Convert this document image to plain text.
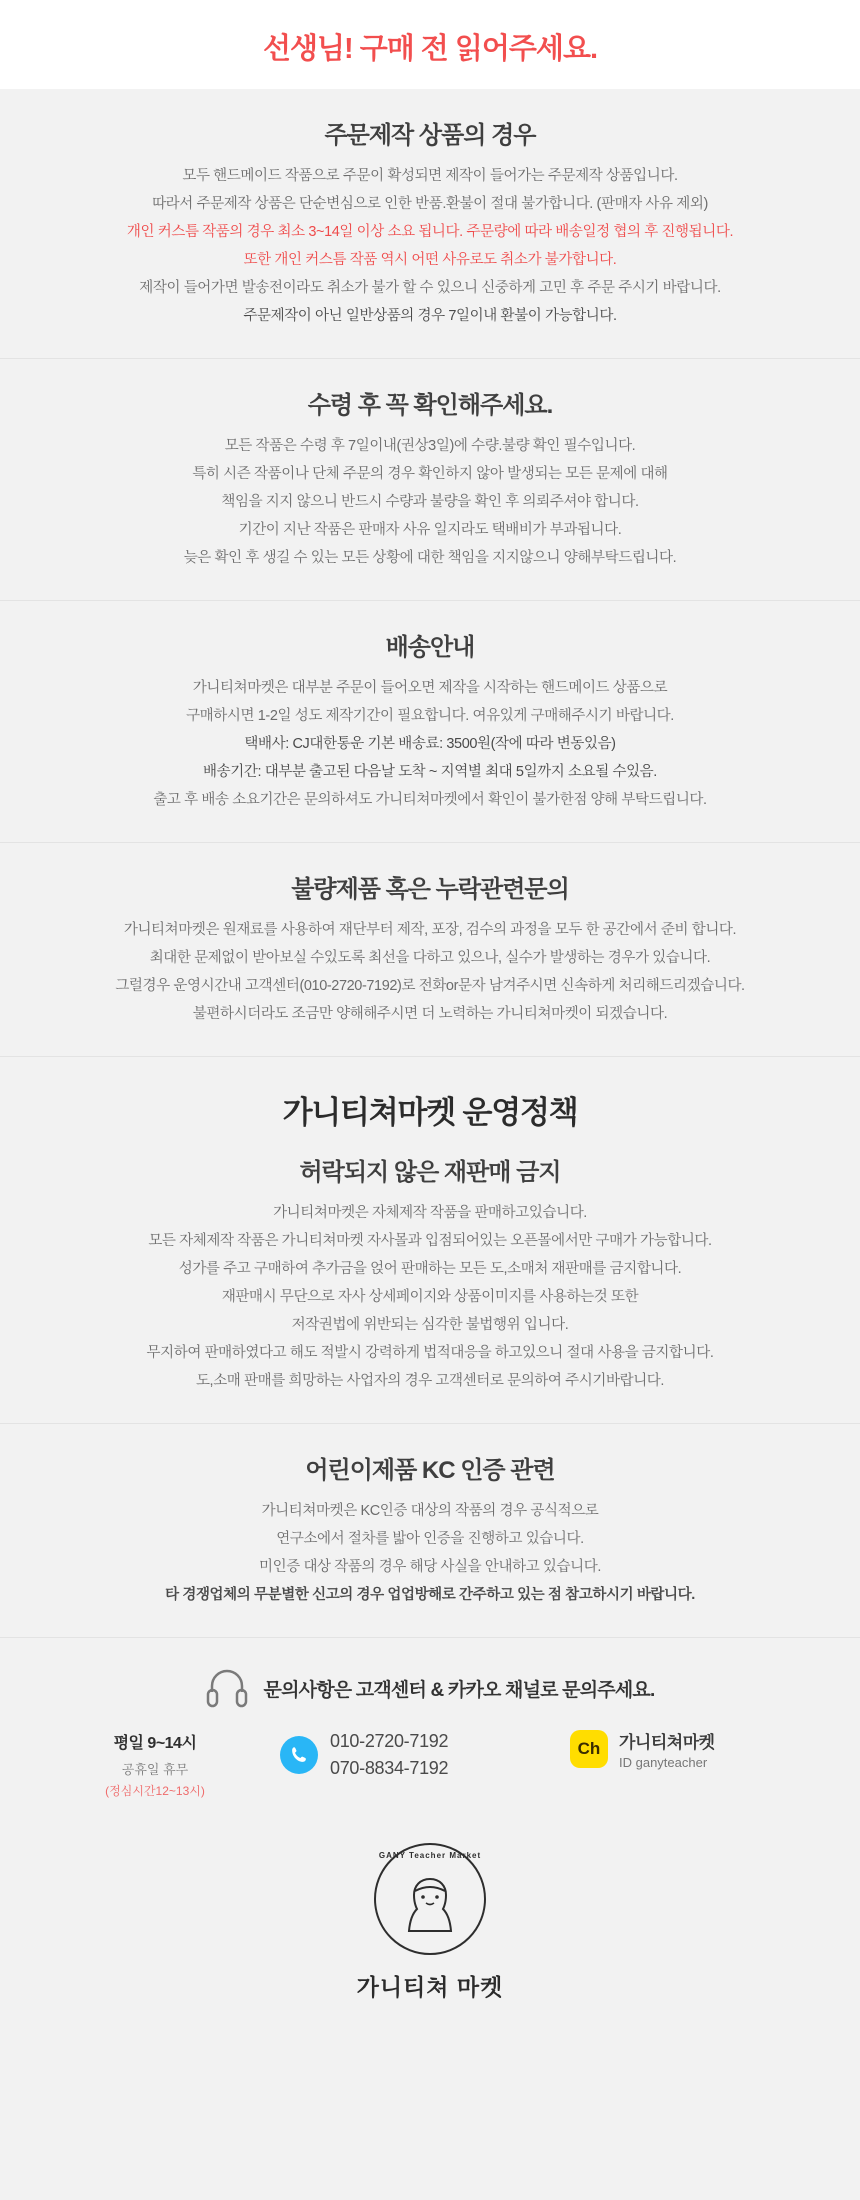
선생님! 구매 전 읽어주세요.
주문제작 상품의 경우

모두 핸드메이드 작품으로 주문이 확성되면 제작이 들어가는 주문제작 상품입니다.

따라서 주문제작 상품은 단순변심으로 인한 반품.환불이 절대 불가합니다. (판매자 사유 제외)

개인 커스틈 작품의 경우 최소 3~14일 이상 소요 됩니다. 주문량에 따라 배송일정 협의 후 진행됩니다.

또한 개인 커스틈 작품 역시 어떤 사유로도 취소가 불가합니다.

제작이 들어가면 발송전이라도 취소가 불가 할 수 있으니 신중하게 고민 후 주문 주시기 바랍니다.

주문제작이 아닌 일반상품의 경우 7일이내 환불이 가능합니다.

수령 후 꼭 확인해주세요.

모든 작품은 수령 후 7일이내(권상3일)에 수량.불량 확인 필수입니다.

특히 시즌 작품이나 단체 주문의 경우 확인하지 않아 발생되는 모든 문제에 대해

책임을 지지 않으니 반드시 수량과 불량을 확인 후 의뢰주셔야 합니다.

기간이 지난 작품은 판매자 사유 일지라도 택배비가 부과됩니다.

늦은 확인 후 생길 수 있는 모든 상황에 대한 책임을 지지않으니 양해부탁드립니다.

배송안내

가니티쳐마켓은 대부분 주문이 들어오면 제작을 시작하는 핸드메이드 상품으로

구매하시면 1-2일 성도 제작기간이 필요합니다. 여유있게 구매해주시기 바랍니다.

택배사: CJ대한통운 기본 배송료: 3500원(작에 따라 변동있음)

배송기간: 대부분 출고된 다음날 도착 ~ 지역별 최대 5일까지 소요될 수있음.

출고 후 배송 소요기간은 문의하셔도 가니티쳐마켓에서 확인이 불가한점 양해 부탁드립니다.

불량제품 혹은 누락관련문의

가니티쳐마켓은 원재료를 사용하여 재단부터 제작, 포장, 검수의 과정을 모두 한 공간에서 준비 합니다.

최대한 문제없이 받아보실 수있도록 최선을 다하고 있으나, 실수가 발생하는 경우가 있습니다.

그럴경우 운영시간내 고객센터(010-2720-7192)로 전화or문자 남겨주시면 신속하게 처리해드리겠습니다.

불편하시더라도 조금만 양해해주시면 더 노력하는 가니티쳐마켓이 되겠습니다.

가니티쳐마켓 운영정책
허락되지 않은 재판매 금지

가니티쳐마켓은 자체제작 작품을 판매하고있습니다.

모든 자체제작 작품은 가니티쳐마켓 자사몰과 입점되어있는 오픈몰에서만 구매가 가능합니다.

성가를 주고 구매하여 추가금을 얹어 판매하는 모든 도,소매처 재판매를 금지합니다.

재판매시 무단으로 자사 상세페이지와 상품이미지를 사용하는것 또한

저작권법에 위반되는 심각한 불법행위 입니다.

무지하여 판매하였다고 해도 적발시 강력하게 법적대응을 하고있으니 절대 사용을 금지합니다.

도,소매 판매를 희망하는 사업자의 경우 고객센터로 문의하여 주시기바랍니다.

어린이제품 KC 인증 관련

가니티쳐마켓은 KC인증 대상의 작품의 경우 공식적으로

연구소에서 절차를 밟아 인증을 진행하고 있습니다.

미인증 대상 작품의 경우 해당 사실을 안내하고 있습니다.

타 경쟁업체의 무분별한 신고의 경우 업업방해로 간주하고 있는 점 참고하시기 바랍니다.

문의사항은 고객센터 & 카카오 채널로 문의주세요.
평일 9~14시
공휴일 휴무
(정심시간12~13시)
010-2720-7192
070-8834-7192
Ch	가니티쳐마켓
ID ganyteacher
GANY Teacher Market
가니티쳐 마켓
